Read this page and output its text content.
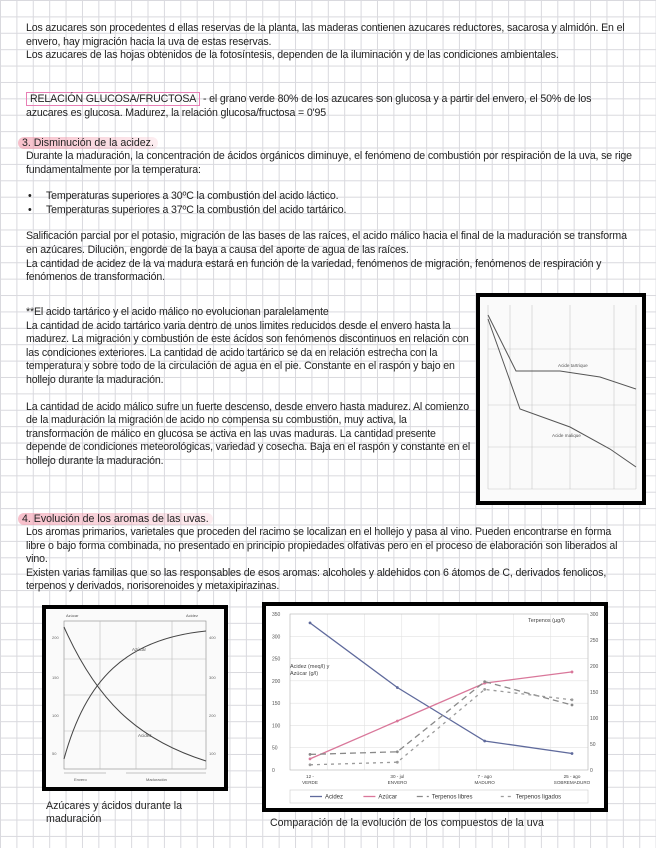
Los azucares son procedentes d ellas reservas de la planta, las maderas contienen azucares reductores, sacarosa y almidón. En el envero, hay migración hacia la uva de estas reservas.

Los azucares de las hojas obtenidos de la fotosíntesis, dependen de la iluminación y de las condiciones ambientales.

RELACIÓN GLUCOSA/FRUCTOSA - el grano verde 80% de los azucares son glucosa y a partir del envero, el 50% de los azucares es glucosa. Madurez, la relación glucosa/fructosa = 0'95

3. Disminución de la acidez.

Durante la maduración, la concentración de ácidos orgánicos diminuye, el fenómeno de combustión por respiración de la uva, se rige fundamentalmente por la temperatura:

• Temperaturas superiores a 30ºC la combustión del acido láctico.
• Temperaturas superiores a 37ºC la combustión del acido tartárico.

Salificación parcial por el potasio, migración de las bases de las raíces, el acido málico hacia el final de la maduración se transforma en azúcares. Dilución, engorde de la baya a causa del aporte de agua de las raíces.

La cantidad de acidez de la va madura estará en función de la variedad, fenómenos de migración, fenómenos de respiración y fenómenos de transformación.

**El acido tartárico y el acido málico no evolucionan paralelamente

La cantidad de acido tartárico varia dentro de unos limites reducidos desde el envero hasta la madurez. La migración y combustión de este ácidos son fenómenos discontinuos en relación con las condiciones exteriores. La cantidad de acido tartárico se da en relación estrecha con la temperatura y sobre todo de la circulación de agua en el pie. Constante en el raspón y bajo en hollejo durante la maduración.

La cantidad de acido málico sufre un fuerte descenso, desde envero hasta madurez. Al comienzo de la maduración la migración de acido no compensa su combustión, muy activa, la transformación de málico en glucosa se activa en las uvas maduras. La cantidad presente depende de condiciones meteorológicas, variedad y cosecha. Baja en el raspón y constante en el hollejo durante la maduración.

Acide tartrique
Acide malique
4. Evolución de los aromas de las uvas.

Los aromas primarios, varietales que proceden del racimo se localizan en el hollejo y pasa al vino. Pueden encontrarse en forma libre o bajo forma combinada, no presentado en principio propiedades olfativas pero en el proceso de elaboración son liberados al vino.

Existen varias familias que so las responsables de esos aromas: alcoholes y aldehidos con 6 átomos de C, derivados fenolicos, terpenos y derivados, norisorenoides y metaxipirazinas.

Azúcar	Acidez
200
150
100
50
400
300
200
100
Azúcar
Acidez
Envero	Maduración
Azúcares y ácidos durante la maduración
Acidez (meq/l) y Azúcar (g/l)
Terpenos (µg/l)
350
300
250
200
150
100
50
0
300
250
200
150
100
50
0
12 -VERDE
30 - jul ENVERO
7 - ago MADURO
25 - ago SOBREMADURO
Acidez	Azúcar	Terpenos libres	Terpenos ligados
Comparación de la evolución de los compuestos de la uva
